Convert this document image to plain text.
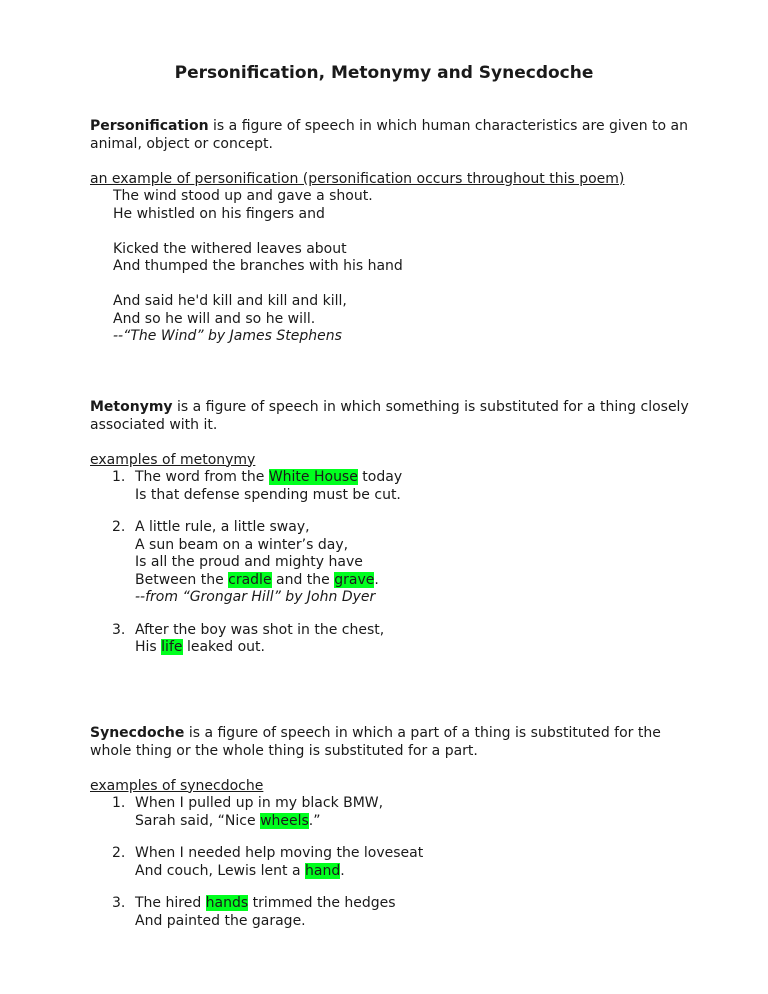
Personification, Metonymy and Synecdoche

Personification is a figure of speech in which human characteristics are given to an animal, object or concept.

an example of personification (personification occurs throughout this poem)

The wind stood up and gave a shout.

He whistled on his fingers and

Kicked the withered leaves about

And thumped the branches with his hand

And said he'd kill and kill and kill,

And so he will and so he will.

--“The Wind” by James Stephens

Metonymy is a figure of speech in which something is substituted for a thing closely associated with it.

examples of metonymy

1. The word from the White House today

Is that defense spending must be cut.

2. A little rule, a little sway,

A sun beam on a winter’s day,

Is all the proud and mighty have

Between the cradle and the grave.

--from “Grongar Hill” by John Dyer

3. After the boy was shot in the chest,

His life leaked out.

Synecdoche is a figure of speech in which a part of a thing is substituted for the whole thing or the whole thing is substituted for a part.

examples of synecdoche

1. When I pulled up in my black BMW,

Sarah said, “Nice wheels.”

2. When I needed help moving the loveseat

And couch, Lewis lent a hand.

3. The hired hands trimmed the hedges

And painted the garage.
